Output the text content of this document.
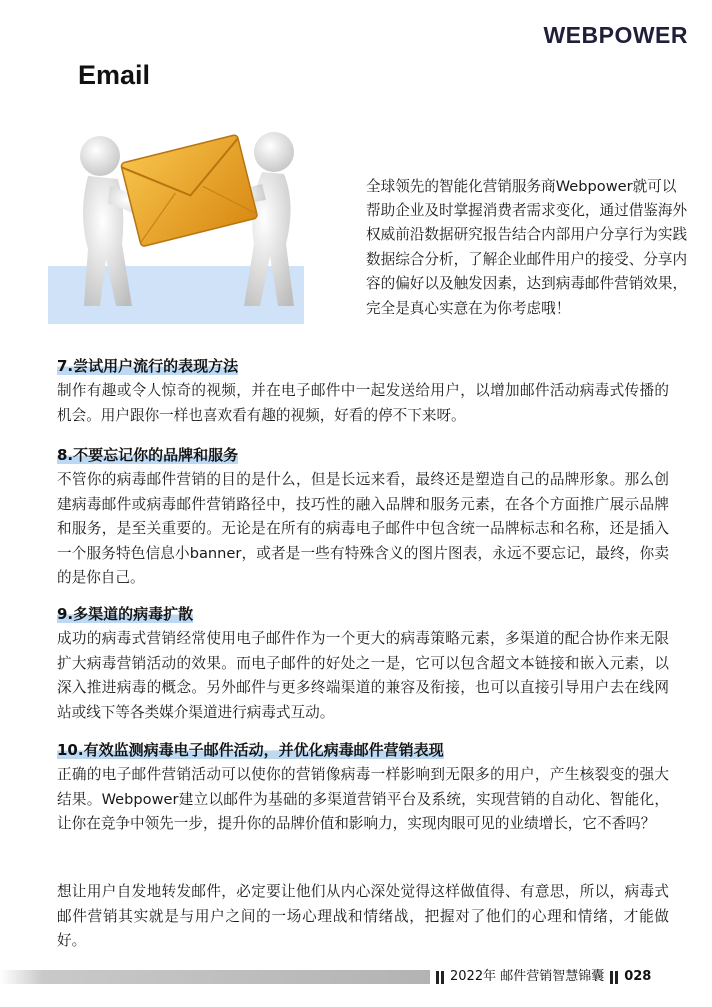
WEBPOWER
Email

全球领先的智能化营销服务商Webpower就可以帮助企业及时掌握消费者需求变化，通过借鉴海外权威前沿数据研究报告结合内部用户分享行为实践数据综合分析，了解企业邮件用户的接受、分享内容的偏好以及触发因素，达到病毒邮件营销效果，完全是真心实意在为你考虑哦！

7.尝试用户流行的表现方法

制作有趣或令人惊奇的视频，并在电子邮件中一起发送给用户，以增加邮件活动病毒式传播的机会。用户跟你一样也喜欢看有趣的视频，好看的停不下来呀。

8.不要忘记你的品牌和服务

不管你的病毒邮件营销的目的是什么，但是长远来看，最终还是塑造自己的品牌形象。那么创建病毒邮件或病毒邮件营销路径中，技巧性的融入品牌和服务元素，在各个方面推广展示品牌和服务，是至关重要的。无论是在所有的病毒电子邮件中包含统一品牌标志和名称，还是插入一个服务特色信息小banner，或者是一些有特殊含义的图片图表，永远不要忘记，最终，你卖的是你自己。

9.多渠道的病毒扩散

成功的病毒式营销经常使用电子邮件作为一个更大的病毒策略元素，多渠道的配合协作来无限扩大病毒营销活动的效果。而电子邮件的好处之一是，它可以包含超文本链接和嵌入元素，以深入推进病毒的概念。另外邮件与更多终端渠道的兼容及衔接，也可以直接引导用户去在线网站或线下等各类媒介渠道进行病毒式互动。

10.有效监测病毒电子邮件活动，并优化病毒邮件营销表现

正确的电子邮件营销活动可以使你的营销像病毒一样影响到无限多的用户，产生核裂变的强大结果。Webpower建立以邮件为基础的多渠道营销平台及系统，实现营销的自动化、智能化，让你在竞争中领先一步，提升你的品牌价值和影响力，实现肉眼可见的业绩增长，它不香吗？

想让用户自发地转发邮件，必定要让他们从内心深处觉得这样做值得、有意思，所以，病毒式邮件营销其实就是与用户之间的一场心理战和情绪战，把握对了他们的心理和情绪，才能做好。

2022年 邮件营销智慧锦囊 028
